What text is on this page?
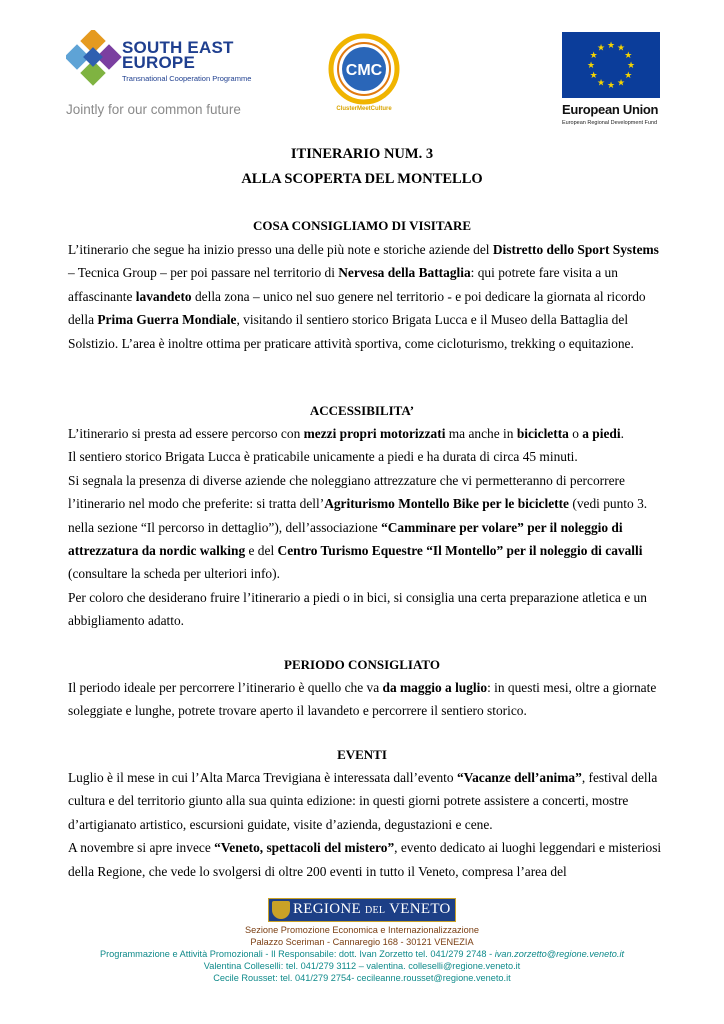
SOUTH EAST
EUROPE
Transnational Cooperation Programme
Jointly for our common future
CMC
ClusterMeetCulture
★ ★
★
★
★
★
★
★
★
★
★
★
European Union
European Regional Development Fund
ITINERARIO NUM. 3
ALLA SCOPERTA DEL MONTELLO
COSA CONSIGLIAMO DI VISITARE
L’itinerario che segue ha inizio presso una delle più note e storiche aziende del Distretto dello Sport Systems – Tecnica Group – per poi passare nel territorio di Nervesa della Battaglia: qui potrete fare visita a un affascinante lavandeto della zona – unico nel suo genere nel territorio - e poi dedicare la giornata al ricordo della Prima Guerra Mondiale, visitando il sentiero storico Brigata Lucca e il Museo della Battaglia del Solstizio. L’area è inoltre ottima per praticare attività sportiva, come cicloturismo, trekking o equitazione.
ACCESSIBILITA’
L’itinerario si presta ad essere percorso con mezzi propri motorizzati ma anche in bicicletta o a piedi.
Il sentiero storico Brigata Lucca è praticabile unicamente a piedi e ha durata di circa 45 minuti.
Si segnala la presenza di diverse aziende che noleggiano attrezzature che vi permetteranno di percorrere l’itinerario nel modo che preferite: si tratta dell’Agriturismo Montello Bike per le biciclette (vedi punto 3. nella sezione “Il percorso in dettaglio”), dell’associazione “Camminare per volare” per il noleggio di attrezzatura da nordic walking e del Centro Turismo Equestre “Il Montello” per il noleggio di cavalli (consultare la scheda per ulteriori info).
Per coloro che desiderano fruire l’itinerario a piedi o in bici, si consiglia una certa preparazione atletica e un abbigliamento adatto.
PERIODO CONSIGLIATO
Il periodo ideale per percorrere l’itinerario è quello che va da maggio a luglio: in questi mesi, oltre a giornate soleggiate e lunghe, potrete trovare aperto il lavandeto e percorrere il sentiero storico.
EVENTI
Luglio è il mese in cui l’Alta Marca Trevigiana è interessata dall’evento “Vacanze dell’anima”, festival della cultura e del territorio giunto alla sua quinta edizione: in questi giorni potrete assistere a concerti, mostre d’artigianato artistico, escursioni guidate, visite d’azienda, degustazioni e cene.
A novembre si apre invece “Veneto, spettacoli del mistero”, evento dedicato ai luoghi leggendari e misteriosi della Regione, che vede lo svolgersi di oltre 200 eventi in tutto il Veneto, compresa l’area del
REGIONE DEL VENETO
Sezione Promozione Economica e Internazionalizzazione
Palazzo Sceriman - Cannaregio 168 - 30121 VENEZIA
Programmazione e Attività Promozionali - Il Responsabile: dott. Ivan Zorzetto tel. 041/279 2748 - ivan.zorzetto@regione.veneto.it
Valentina Colleselli: tel. 041/279 3112 – valentina. colleselli@regione.veneto.it
Cecile Rousset: tel. 041/279 2754- cecileanne.rousset@regione.veneto.it
